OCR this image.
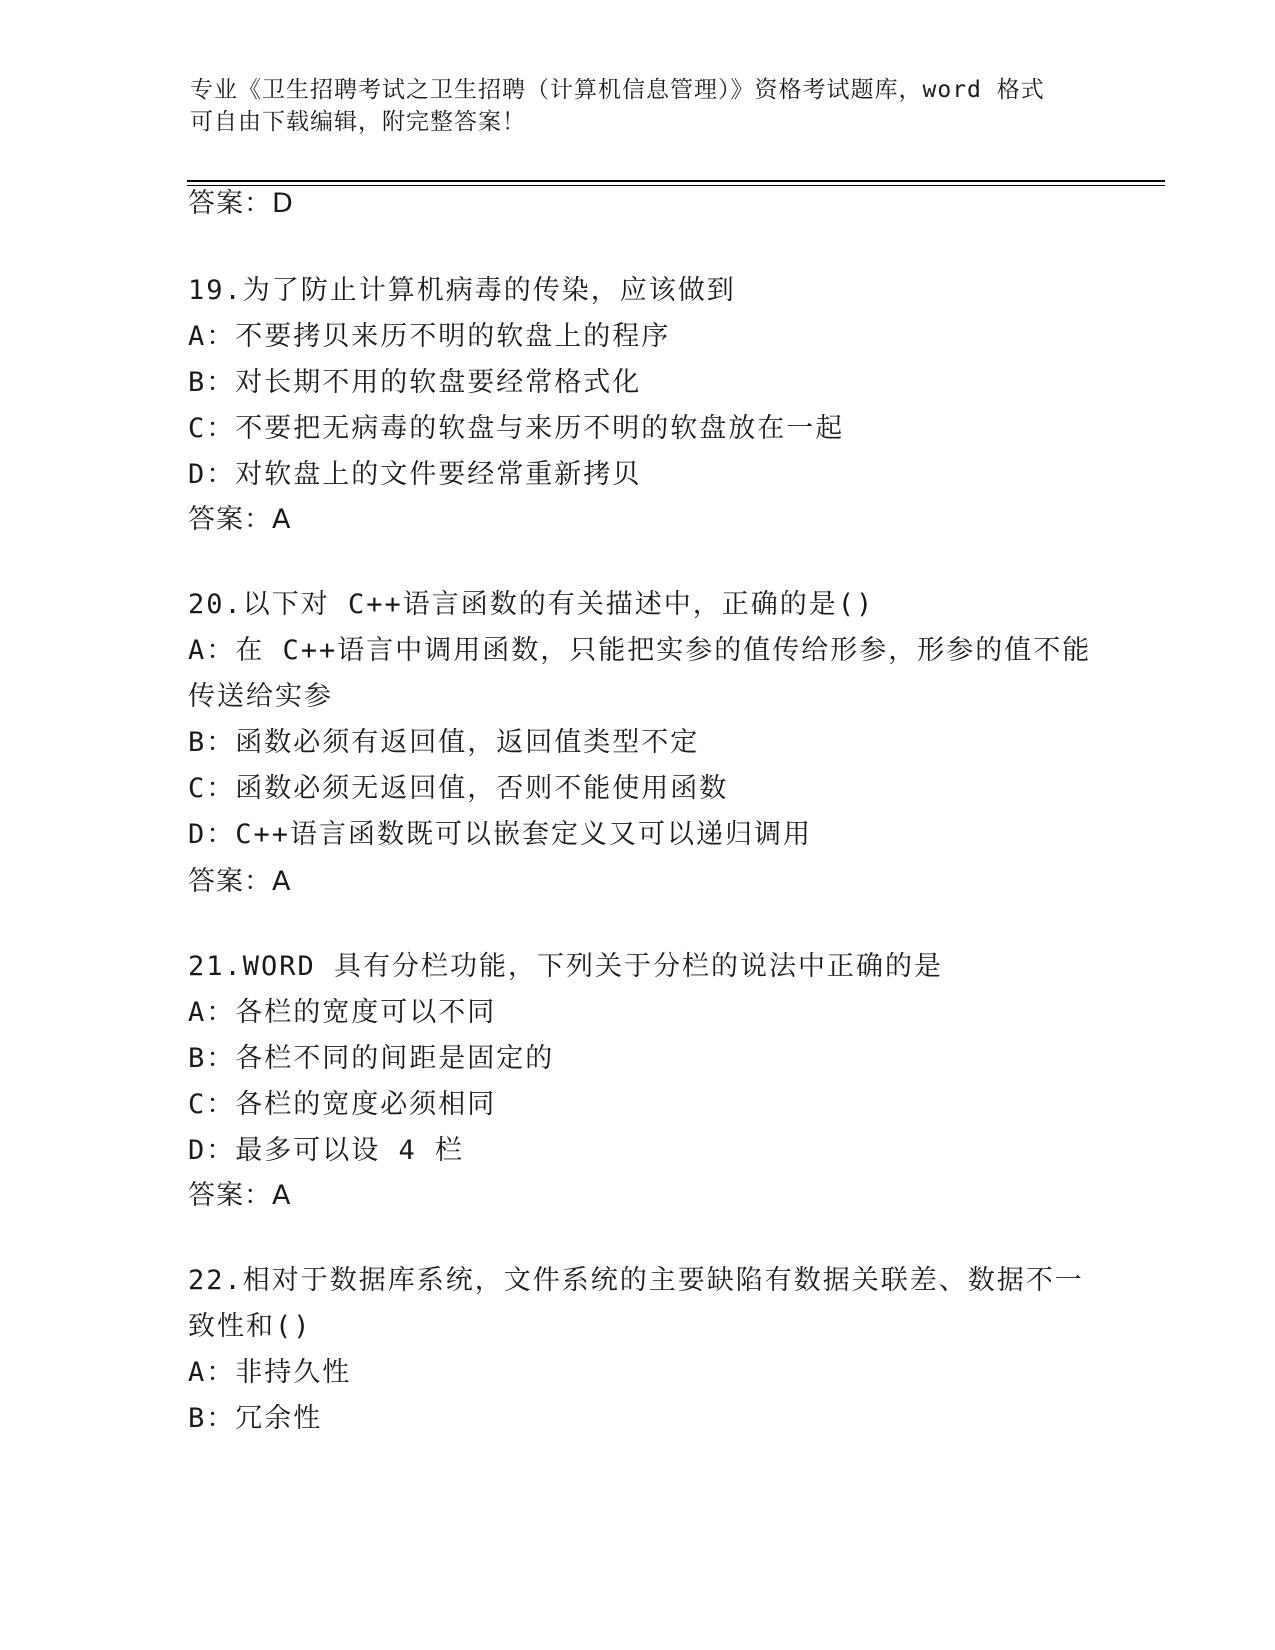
专业《卫生招聘考试之卫生招聘（计算机信息管理）》资格考试题库，word 格式
可自由下载编辑，附完整答案！
答案：D
19.为了防止计算机病毒的传染，应该做到
A：不要拷贝来历不明的软盘上的程序
B：对长期不用的软盘要经常格式化
C：不要把无病毒的软盘与来历不明的软盘放在一起
D：对软盘上的文件要经常重新拷贝
答案：A
20.以下对 C++语言函数的有关描述中，正确的是()
A：在 C++语言中调用函数，只能把实参的值传给形参，形参的值不能
传送给实参
B：函数必须有返回值，返回值类型不定
C：函数必须无返回值，否则不能使用函数
D：C++语言函数既可以嵌套定义又可以递归调用
答案：A
21.WORD 具有分栏功能，下列关于分栏的说法中正确的是
A：各栏的宽度可以不同
B：各栏不同的间距是固定的
C：各栏的宽度必须相同
D：最多可以设 4 栏
答案：A
22.相对于数据库系统，文件系统的主要缺陷有数据关联差、数据不一
致性和()
A：非持久性
B：冗余性
